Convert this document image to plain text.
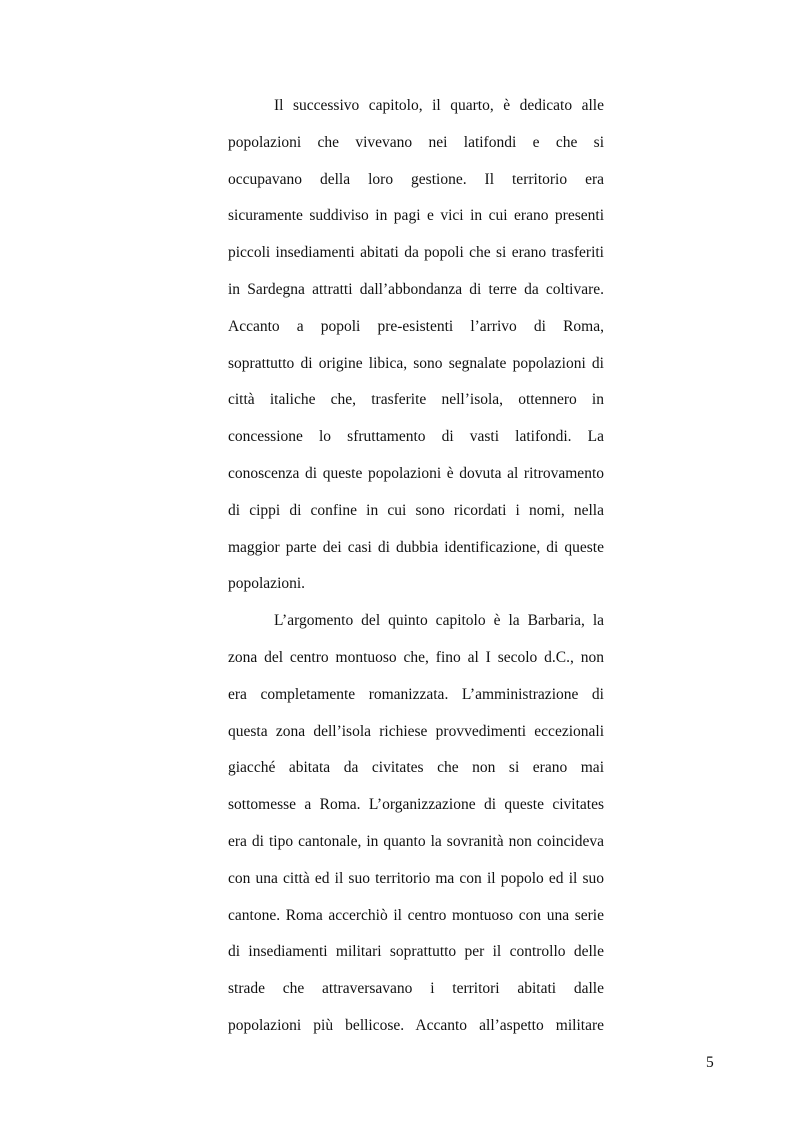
Il successivo capitolo, il quarto, è dedicato alle
popolazioni che vivevano nei latifondi e che si
occupavano della loro gestione. Il territorio era
sicuramente suddiviso in pagi e vici in cui erano presenti
piccoli insediamenti abitati da popoli che si erano trasferiti
in Sardegna attratti dall’abbondanza di terre da coltivare.
Accanto a popoli pre-esistenti l’arrivo di Roma,
soprattutto di origine libica, sono segnalate popolazioni di
città italiche che, trasferite nell’isola, ottennero in
concessione lo sfruttamento di vasti latifondi. La
conoscenza di queste popolazioni è dovuta al ritrovamento
di cippi di confine in cui sono ricordati i nomi, nella
maggior parte dei casi di dubbia identificazione, di queste
popolazioni.
L’argomento del quinto capitolo è la Barbaria, la
zona del centro montuoso che, fino al I secolo d.C., non
era completamente romanizzata. L’amministrazione di
questa zona dell’isola richiese provvedimenti eccezionali
giacché abitata da civitates che non si erano mai
sottomesse a Roma. L’organizzazione di queste civitates
era di tipo cantonale, in quanto la sovranità non coincideva
con una città ed il suo territorio ma con il popolo ed il suo
cantone. Roma accerchiò il centro montuoso con una serie
di insediamenti militari soprattutto per il controllo delle
strade che attraversavano i territori abitati dalle
popolazioni più bellicose. Accanto all’aspetto militare
5
